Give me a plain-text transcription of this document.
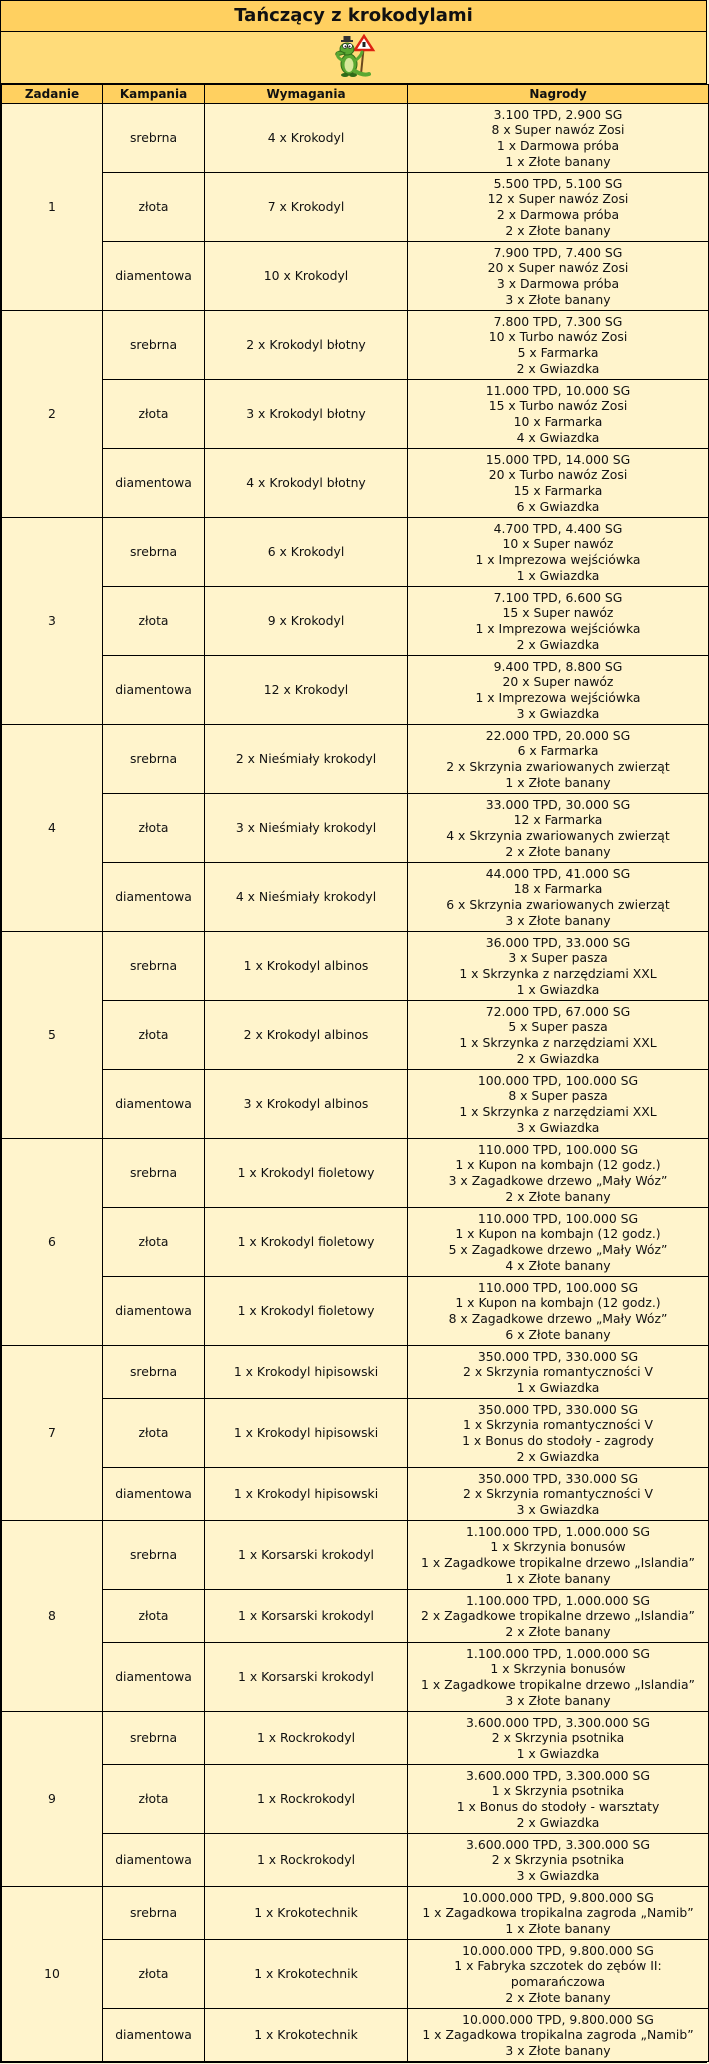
Tańczący z krokodylami
Zadanie	Kampania	Wymagania	Nagrody
1	srebrna	4 x Krokodyl	3.100 TPD, 2.900 SG
8 x Super nawóz Zosi
1 x Darmowa próba
1 x Złote banany

	złota	7 x Krokodyl	5.500 TPD, 5.100 SG
12 x Super nawóz Zosi
2 x Darmowa próba
2 x Złote banany

	diamentowa	10 x Krokodyl	7.900 TPD, 7.400 SG
20 x Super nawóz Zosi
3 x Darmowa próba
3 x Złote banany

2	srebrna	2 x Krokodyl błotny	7.800 TPD, 7.300 SG
10 x Turbo nawóz Zosi
5 x Farmarka
2 x Gwiazdka

	złota	3 x Krokodyl błotny	11.000 TPD, 10.000 SG
15 x Turbo nawóz Zosi
10 x Farmarka
4 x Gwiazdka

	diamentowa	4 x Krokodyl błotny	15.000 TPD, 14.000 SG
20 x Turbo nawóz Zosi
15 x Farmarka
6 x Gwiazdka

3	srebrna	6 x Krokodyl	4.700 TPD, 4.400 SG
10 x Super nawóz
1 x Imprezowa wejściówka
1 x Gwiazdka

	złota	9 x Krokodyl	7.100 TPD, 6.600 SG
15 x Super nawóz
1 x Imprezowa wejściówka
2 x Gwiazdka

	diamentowa	12 x Krokodyl	9.400 TPD, 8.800 SG
20 x Super nawóz
1 x Imprezowa wejściówka
3 x Gwiazdka

4	srebrna	2 x Nieśmiały krokodyl	22.000 TPD, 20.000 SG
6 x Farmarka
2 x Skrzynia zwariowanych zwierząt
1 x Złote banany

	złota	3 x Nieśmiały krokodyl	33.000 TPD, 30.000 SG
12 x Farmarka
4 x Skrzynia zwariowanych zwierząt
2 x Złote banany

	diamentowa	4 x Nieśmiały krokodyl	44.000 TPD, 41.000 SG
18 x Farmarka
6 x Skrzynia zwariowanych zwierząt
3 x Złote banany

5	srebrna	1 x Krokodyl albinos	36.000 TPD, 33.000 SG
3 x Super pasza
1 x Skrzynka z narzędziami XXL
1 x Gwiazdka

	złota	2 x Krokodyl albinos	72.000 TPD, 67.000 SG
5 x Super pasza
1 x Skrzynka z narzędziami XXL
2 x Gwiazdka

	diamentowa	3 x Krokodyl albinos	100.000 TPD, 100.000 SG
8 x Super pasza
1 x Skrzynka z narzędziami XXL
3 x Gwiazdka

6	srebrna	1 x Krokodyl fioletowy	110.000 TPD, 100.000 SG
1 x Kupon na kombajn (12 godz.)
3 x Zagadkowe drzewo „Mały Wóz”
2 x Złote banany

	złota	1 x Krokodyl fioletowy	110.000 TPD, 100.000 SG
1 x Kupon na kombajn (12 godz.)
5 x Zagadkowe drzewo „Mały Wóz”
4 x Złote banany

	diamentowa	1 x Krokodyl fioletowy	110.000 TPD, 100.000 SG
1 x Kupon na kombajn (12 godz.)
8 x Zagadkowe drzewo „Mały Wóz”
6 x Złote banany

7	srebrna	1 x Krokodyl hipisowski	350.000 TPD, 330.000 SG
2 x Skrzynia romantyczności V
1 x Gwiazdka

	złota	1 x Krokodyl hipisowski	350.000 TPD, 330.000 SG
1 x Skrzynia romantyczności V
1 x Bonus do stodoły - zagrody
2 x Gwiazdka

	diamentowa	1 x Krokodyl hipisowski	350.000 TPD, 330.000 SG
2 x Skrzynia romantyczności V
3 x Gwiazdka

8	srebrna	1 x Korsarski krokodyl	1.100.000 TPD, 1.000.000 SG
1 x Skrzynia bonusów
1 x Zagadkowe tropikalne drzewo „Islandia”
1 x Złote banany

	złota	1 x Korsarski krokodyl	1.100.000 TPD, 1.000.000 SG
2 x Zagadkowe tropikalne drzewo „Islandia”
2 x Złote banany

	diamentowa	1 x Korsarski krokodyl	1.100.000 TPD, 1.000.000 SG
1 x Skrzynia bonusów
1 x Zagadkowe tropikalne drzewo „Islandia”
3 x Złote banany

9	srebrna	1 x Rockrokodyl	3.600.000 TPD, 3.300.000 SG
2 x Skrzynia psotnika
1 x Gwiazdka

	złota	1 x Rockrokodyl	3.600.000 TPD, 3.300.000 SG
1 x Skrzynia psotnika
1 x Bonus do stodoły - warsztaty
2 x Gwiazdka

	diamentowa	1 x Rockrokodyl	3.600.000 TPD, 3.300.000 SG
2 x Skrzynia psotnika
3 x Gwiazdka

10	srebrna	1 x Krokotechnik	10.000.000 TPD, 9.800.000 SG
1 x Zagadkowa tropikalna zagroda „Namib”
1 x Złote banany

	złota	1 x Krokotechnik	10.000.000 TPD, 9.800.000 SG
1 x Fabryka szczotek do zębów II: pomarańczowa
2 x Złote banany

	diamentowa	1 x Krokotechnik	10.000.000 TPD, 9.800.000 SG
1 x Zagadkowa tropikalna zagroda „Namib”
3 x Złote banany
